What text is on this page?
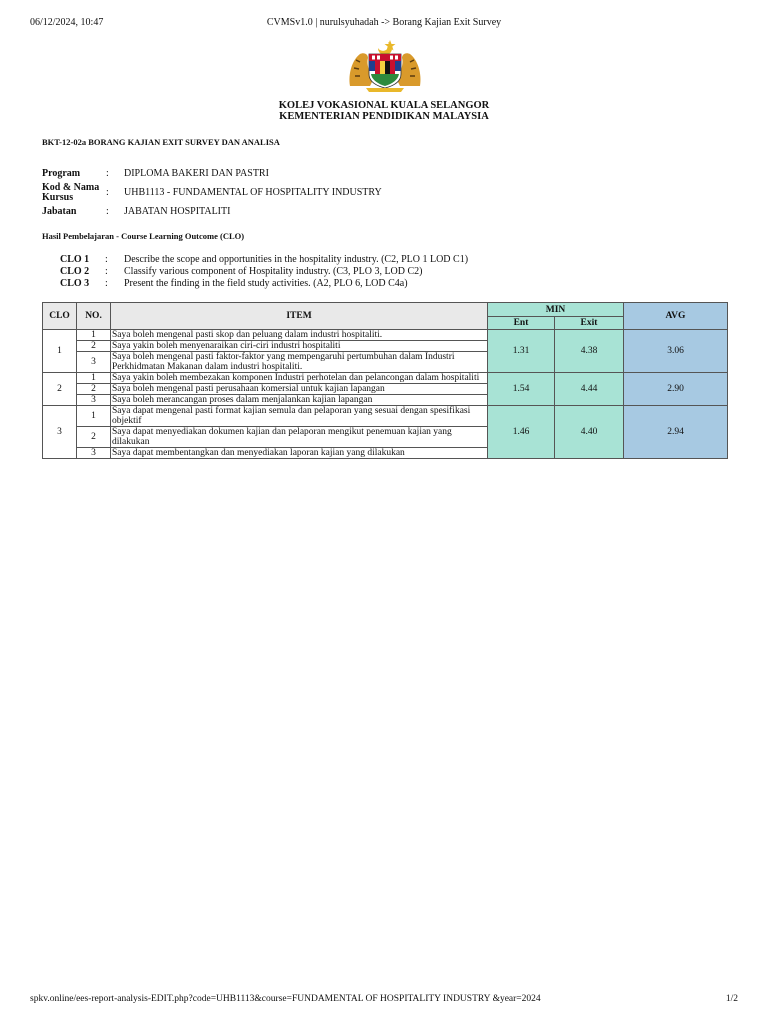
06/12/2024, 10:47	CVMSv1.0 | nurulsyuhadah -> Borang Kajian Exit Survey
KOLEJ VOKASIONAL KUALA SELANGOR
KEMENTERIAN PENDIDIKAN MALAYSIA
BKT-12-02a BORANG KAJIAN EXIT SURVEY DAN ANALISA
Program	:	DIPLOMA BAKERI DAN PASTRI
Kod & Nama
Kursus	:	UHB1113 - FUNDAMENTAL OF HOSPITALITY INDUSTRY
Jabatan	:	JABATAN HOSPITALITI
Hasil Pembelajaran - Course Learning Outcome (CLO)
CLO 1	:	Describe the scope and opportunities in the hospitality industry. (C2, PLO 1 LOD C1)
CLO 2	:	Classify various component of Hospitality industry. (C3, PLO 3, LOD C2)
CLO 3	:	Present the finding in the field study activities. (A2, PLO 6, LOD C4a)
CLO	NO.	ITEM	MIN		AVG
			Ent	Exit	
1	1	Saya boleh mengenal pasti skop dan peluang dalam industri hospitaliti.	1.31	4.38	3.06
	2	Saya yakin boleh menyenaraikan ciri-ciri industri hospitaliti			
	3	Saya boleh mengenal pasti faktor-faktor yang mempengaruhi pertumbuhan dalam Industri Perkhidmatan Makanan dalam industri hospitaliti.			
2	1	Saya yakin boleh membezakan komponen Industri perhotelan dan pelancongan dalam hospitaliti	1.54	4.44	2.90
	2	Saya boleh mengenal pasti perusahaan komersial untuk kajian lapangan			
	3	Saya boleh merancangan proses dalam menjalankan kajian lapangan			
3	1	Saya dapat mengenal pasti format kajian semula dan pelaporan yang sesuai dengan spesifikasi objektif	1.46	4.40	2.94
	2	Saya dapat menyediakan dokumen kajian dan pelaporan mengikut penemuan kajian yang dilakukan			
	3	Saya dapat membentangkan dan menyediakan laporan kajian yang dilakukan			
spkv.online/ees-report-analysis-EDIT.php?code=UHB1113&course=FUNDAMENTAL OF HOSPITALITY INDUSTRY &year=2024	1/2
